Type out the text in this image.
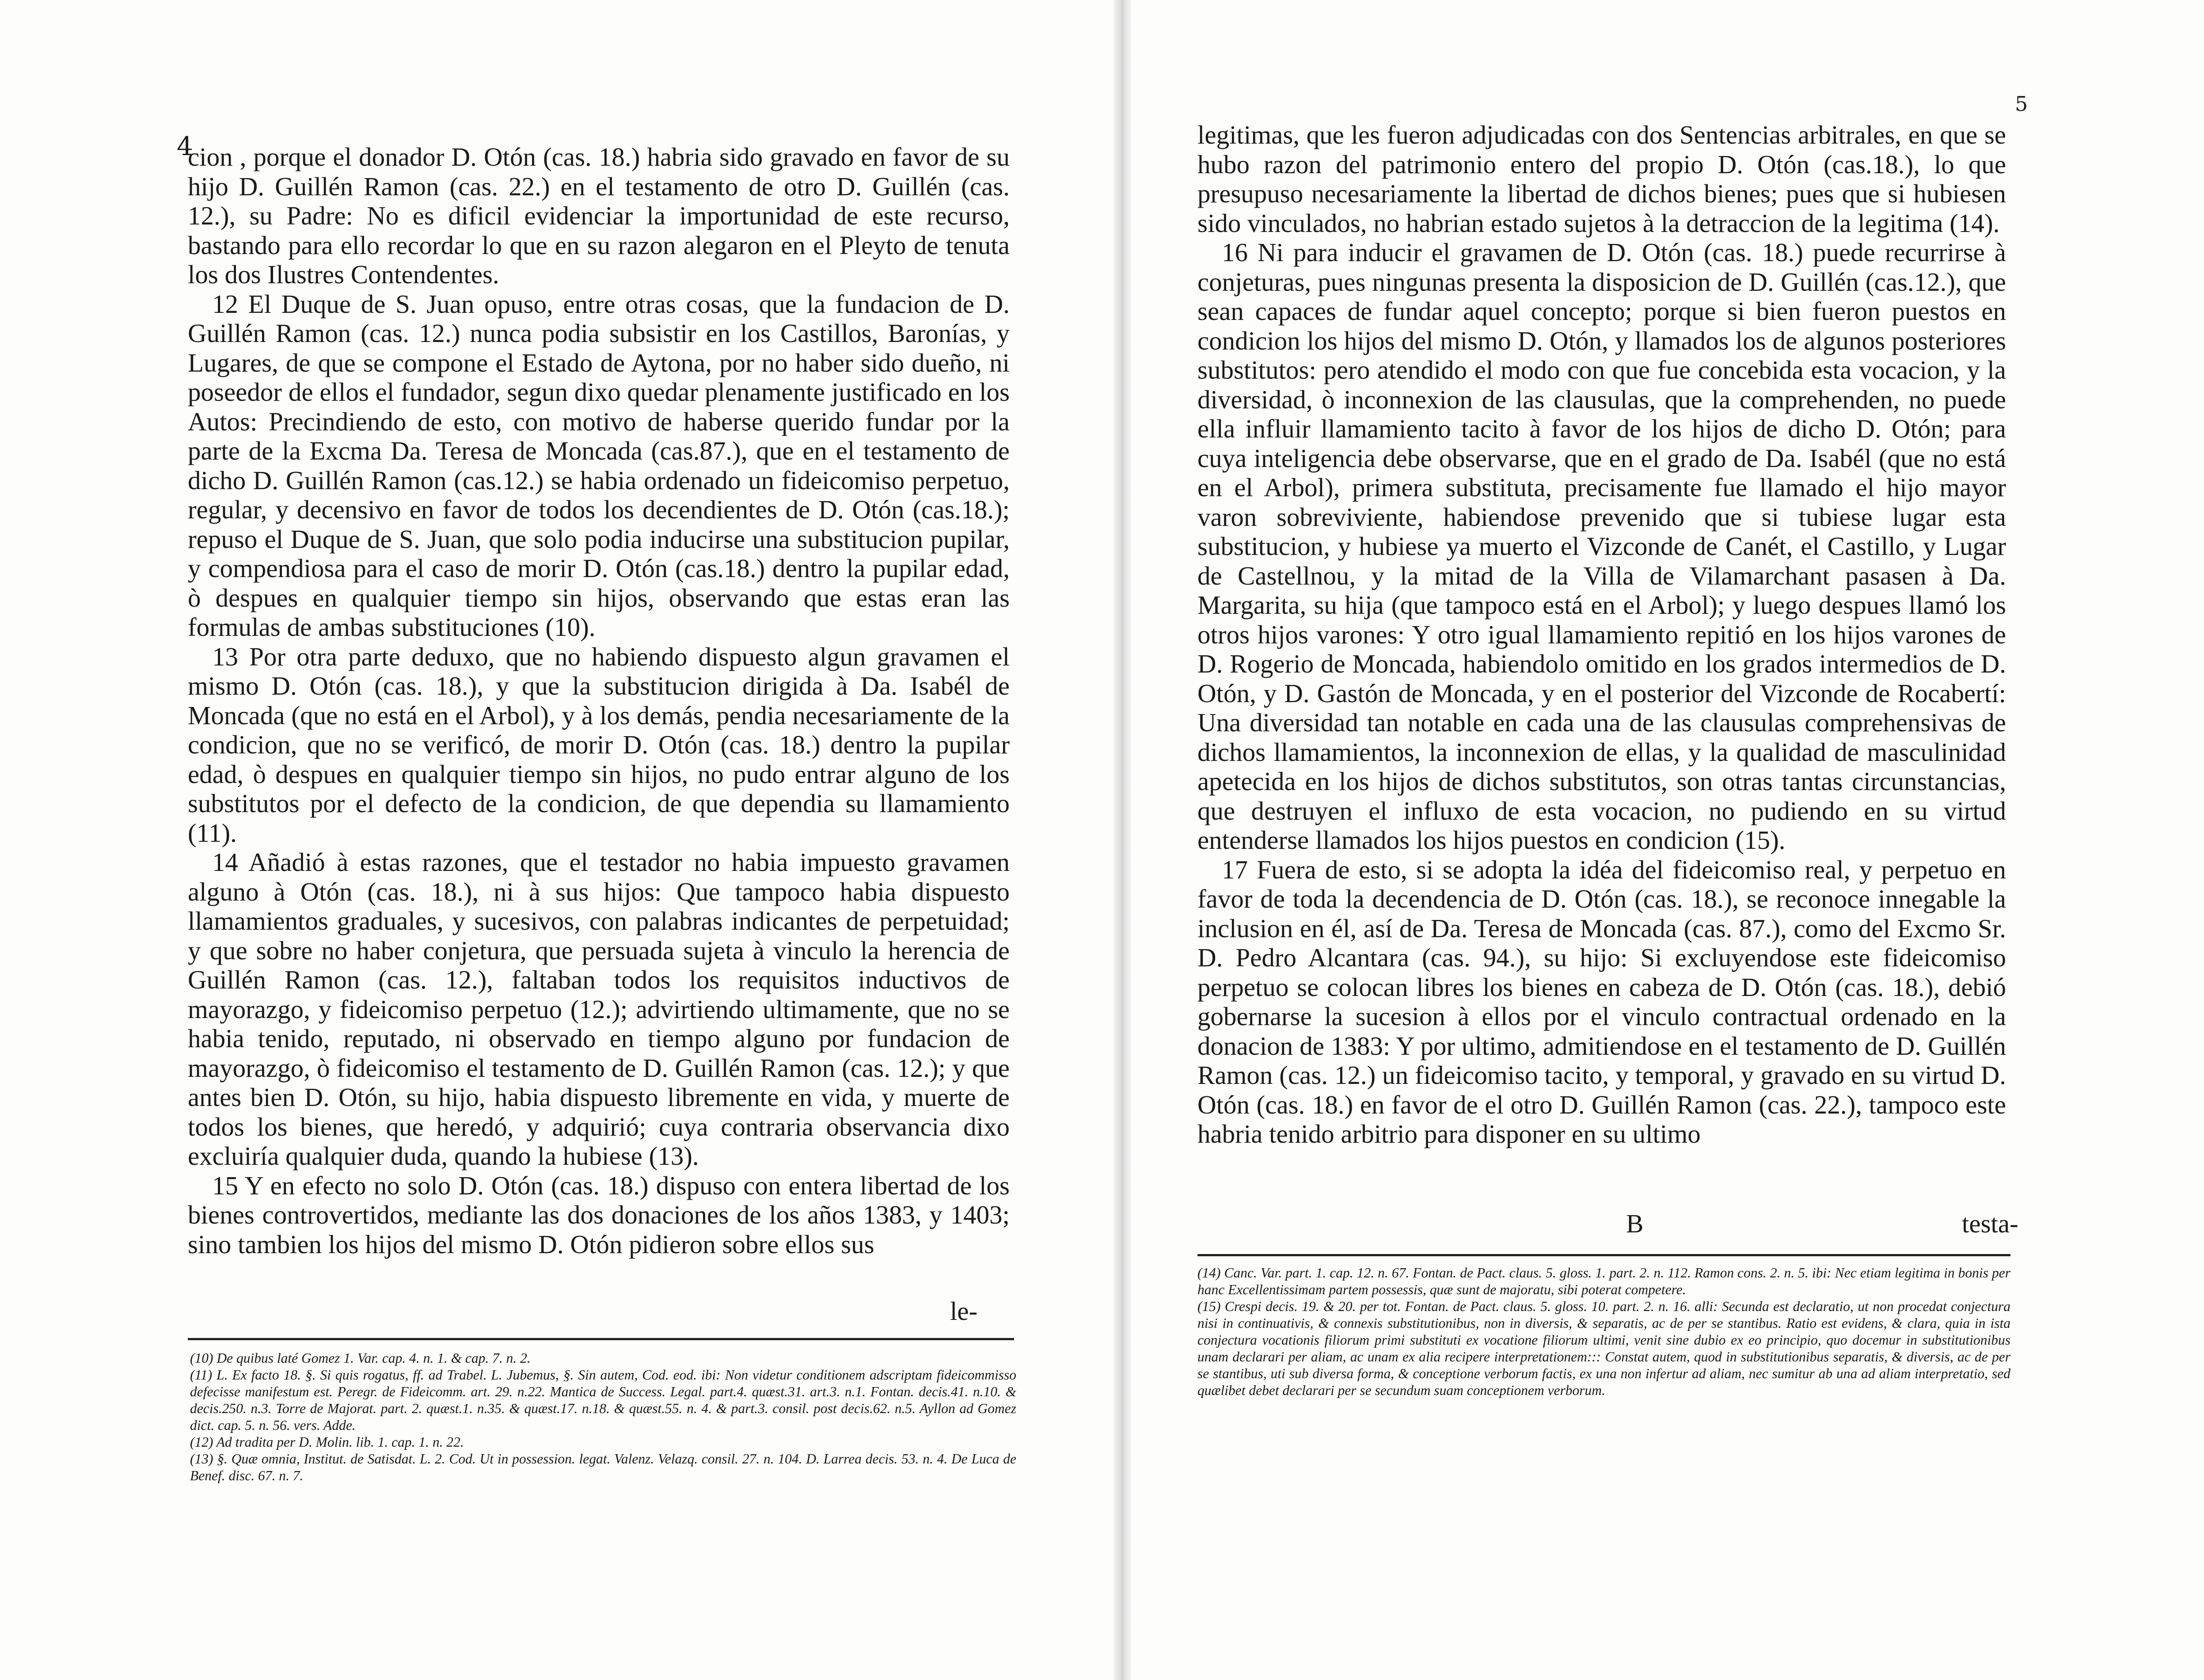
4

cion , porque el donador D. Otón (cas. 18.) habria sido gravado en favor de su hijo D. Guillén Ramon (cas. 22.) en el testamento de otro D. Guillén (cas. 12.), su Padre: No es dificil evidenciar la importunidad de este recurso, bastando para ello recordar lo que en su razon alegaron en el Pleyto de tenuta los dos Ilustres Contendentes.

12 El Duque de S. Juan opuso, entre otras cosas, que la fundacion de D. Guillén Ramon (cas. 12.) nunca podia subsistir en los Castillos, Baronías, y Lugares, de que se compone el Estado de Aytona, por no haber sido dueño, ni poseedor de ellos el fundador, segun dixo quedar plenamente justificado en los Autos: Precindiendo de esto, con motivo de haberse querido fundar por la parte de la Excma Da. Teresa de Moncada (cas.87.), que en el testamento de dicho D. Guillén Ramon (cas.12.) se habia ordenado un fideicomiso perpetuo, regular, y decensivo en favor de todos los decendientes de D. Otón (cas.18.); repuso el Duque de S. Juan, que solo podia inducirse una substitucion pupilar, y compendiosa para el caso de morir D. Otón (cas.18.) dentro la pupilar edad, ò despues en qualquier tiempo sin hijos, observando que estas eran las formulas de ambas substituciones (10).

13 Por otra parte deduxo, que no habiendo dispuesto algun gravamen el mismo D. Otón (cas. 18.), y que la substitucion dirigida à Da. Isabél de Moncada (que no está en el Arbol), y à los demás, pendia necesariamente de la condicion, que no se verificó, de morir D. Otón (cas. 18.) dentro la pupilar edad, ò despues en qualquier tiempo sin hijos, no pudo entrar alguno de los substitutos por el defecto de la condicion, de que dependia su llamamiento (11).

14 Añadió à estas razones, que el testador no habia impuesto gravamen alguno à Otón (cas. 18.), ni à sus hijos: Que tampoco habia dispuesto llamamientos graduales, y sucesivos, con palabras indicantes de perpetuidad; y que sobre no haber conjetura, que persuada sujeta à vinculo la herencia de Guillén Ramon (cas. 12.), faltaban todos los requisitos inductivos de mayorazgo, y fideicomiso perpetuo (12.); advirtiendo ultimamente, que no se habia tenido, reputado, ni observado en tiempo alguno por fundacion de mayorazgo, ò fideicomiso el testamento de D. Guillén Ramon (cas. 12.); y que antes bien D. Otón, su hijo, habia dispuesto libremente en vida, y muerte de todos los bienes, que heredó, y adquirió; cuya contraria observancia dixo excluiría qualquier duda, quando la hubiese (13).

15 Y en efecto no solo D. Otón (cas. 18.) dispuso con entera libertad de los bienes controvertidos, mediante las dos donaciones de los años 1383, y 1403; sino tambien los hijos del mismo D. Otón pidieron sobre ellos sus

le-

(10) De quibus laté Gomez 1. Var. cap. 4. n. 1. & cap. 7. n. 2.

(11) L. Ex facto 18. §. Si quis rogatus, ff. ad Trabel. L. Jubemus, §. Sin autem, Cod. eod. ibi: Non videtur conditionem adscriptam fideicommisso defecisse manifestum est. Peregr. de Fideicomm. art. 29. n.22. Mantica de Success. Legal. part.4. quæst.31. art.3. n.1. Fontan. decis.41. n.10. & decis.250. n.3. Torre de Majorat. part. 2. quæst.1. n.35. & quæst.17. n.18. & quæst.55. n. 4. & part.3. consil. post decis.62. n.5. Ayllon ad Gomez dict. cap. 5. n. 56. vers. Adde.

(12) Ad tradita per D. Molin. lib. 1. cap. 1. n. 22.

(13) §. Quæ omnia, Institut. de Satisdat. L. 2. Cod. Ut in possession. legat. Valenz. Velazq. consil. 27. n. 104. D. Larrea decis. 53. n. 4. De Luca de Benef. disc. 67. n. 7.

5

legitimas, que les fueron adjudicadas con dos Sentencias arbitrales, en que se hubo razon del patrimonio entero del propio D. Otón (cas.18.), lo que presupuso necesariamente la libertad de dichos bienes; pues que si hubiesen sido vinculados, no habrian estado sujetos à la detraccion de la legitima (14).

16 Ni para inducir el gravamen de D. Otón (cas. 18.) puede recurrirse à conjeturas, pues ningunas presenta la disposicion de D. Guillén (cas.12.), que sean capaces de fundar aquel concepto; porque si bien fueron puestos en condicion los hijos del mismo D. Otón, y llamados los de algunos posteriores substitutos: pero atendido el modo con que fue concebida esta vocacion, y la diversidad, ò inconnexion de las clausulas, que la comprehenden, no puede ella influir llamamiento tacito à favor de los hijos de dicho D. Otón; para cuya inteligencia debe observarse, que en el grado de Da. Isabél (que no está en el Arbol), primera substituta, precisamente fue llamado el hijo mayor varon sobreviviente, habiendose prevenido que si tubiese lugar esta substitucion, y hubiese ya muerto el Vizconde de Canét, el Castillo, y Lugar de Castellnou, y la mitad de la Villa de Vilamarchant pasasen à Da. Margarita, su hija (que tampoco está en el Arbol); y luego despues llamó los otros hijos varones: Y otro igual llamamiento repitió en los hijos varones de D. Rogerio de Moncada, habiendolo omitido en los grados intermedios de D. Otón, y D. Gastón de Moncada, y en el posterior del Vizconde de Rocabertí: Una diversidad tan notable en cada una de las clausulas comprehensivas de dichos llamamientos, la inconnexion de ellas, y la qualidad de masculinidad apetecida en los hijos de dichos substitutos, son otras tantas circunstancias, que destruyen el influxo de esta vocacion, no pudiendo en su virtud entenderse llamados los hijos puestos en condicion (15).

17 Fuera de esto, si se adopta la idéa del fideicomiso real, y perpetuo en favor de toda la decendencia de D. Otón (cas. 18.), se reconoce innegable la inclusion en él, así de Da. Teresa de Moncada (cas. 87.), como del Excmo Sr. D. Pedro Alcantara (cas. 94.), su hijo: Si excluyendose este fideicomiso perpetuo se colocan libres los bienes en cabeza de D. Otón (cas. 18.), debió gobernarse la sucesion à ellos por el vinculo contractual ordenado en la donacion de 1383: Y por ultimo, admitiendose en el testamento de D. Guillén Ramon (cas. 12.) un fideicomiso tacito, y temporal, y gravado en su virtud D. Otón (cas. 18.) en favor de el otro D. Guillén Ramon (cas. 22.), tampoco este habria tenido arbitrio para disponer en su ultimo

B	testa-

(14) Canc. Var. part. 1. cap. 12. n. 67. Fontan. de Pact. claus. 5. gloss. 1. part. 2. n. 112. Ramon cons. 2. n. 5. ibi: Nec etiam legitima in bonis per hanc Excellentissimam partem possessis, quæ sunt de majoratu, sibi poterat competere.

(15) Crespi decis. 19. & 20. per tot. Fontan. de Pact. claus. 5. gloss. 10. part. 2. n. 16. alli: Secunda est declaratio, ut non procedat conjectura nisi in continuativis, & connexis substitutionibus, non in diversis, & separatis, ac de per se stantibus. Ratio est evidens, & clara, quia in ista conjectura vocationis filiorum primi substituti ex vocatione filiorum ultimi, venit sine dubio ex eo principio, quo docemur in substitutionibus unam declarari per aliam, ac unam ex alia recipere interpretationem::: Constat autem, quod in substitutionibus separatis, & diversis, ac de per se stantibus, uti sub diversa forma, & conceptione verborum factis, ex una non infertur ad aliam, nec sumitur ab una ad aliam interpretatio, sed quælibet debet declarari per se secundum suam conceptionem verborum.
